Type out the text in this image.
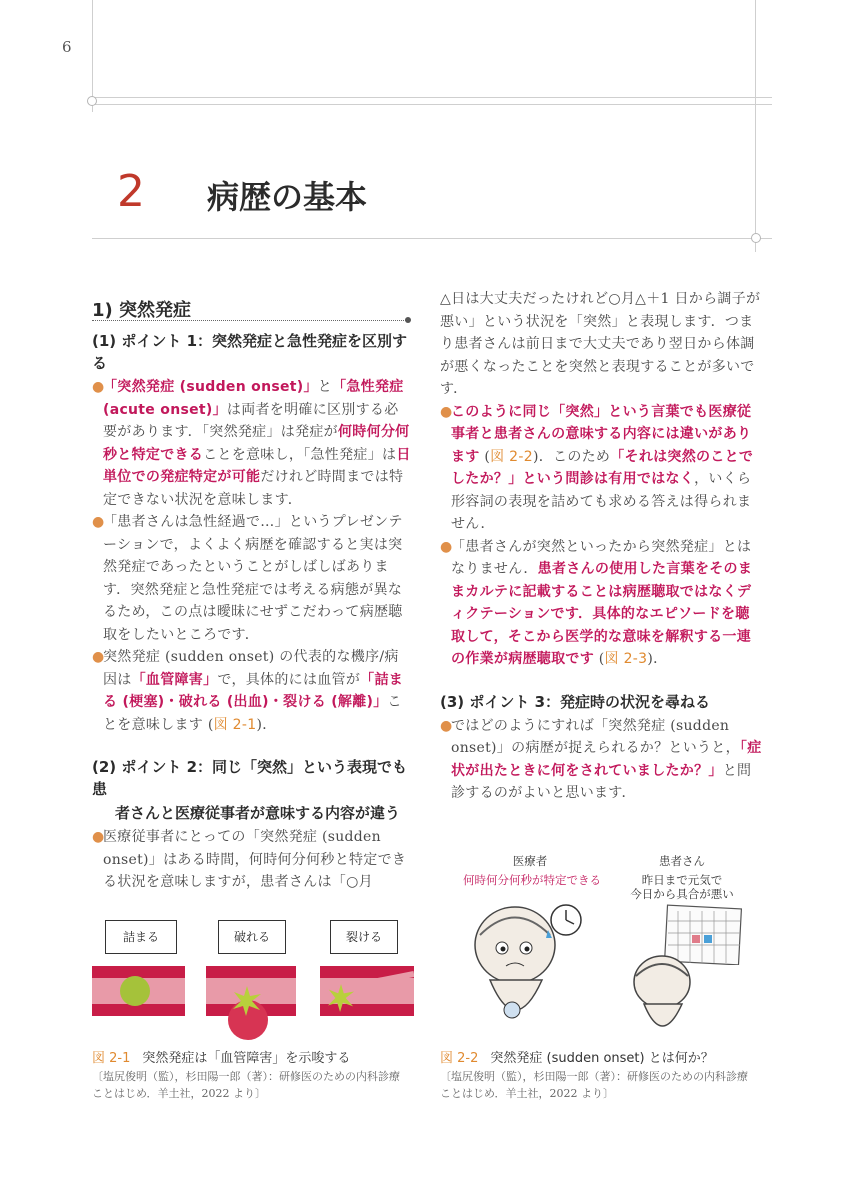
6
2 病歴の基本
1) 突然発症
(1) ポイント 1：突然発症と急性発症を区別する

●
「突然発症 (sudden onset)」と「急性発症 (acute onset)」は両者を明確に区別する必要があります．「突然発症」は発症が何時何分何秒と特定できることを意味し，「急性発症」は日単位での発症特定が可能だけれど時間までは特定できない状況を意味します．

●
「患者さんは急性経過で…」というプレゼンテーションで，よくよく病歴を確認すると実は突然発症であったということがしばしばあります．突然発症と急性発症では考える病態が異なるため，この点は曖昧にせずこだわって病歴聴取をしたいところです．

●
突然発症 (sudden onset) の代表的な機序/病因は「血管障害」で，具体的には血管が「詰まる (梗塞)・破れる (出血)・裂ける (解離)」ことを意味します (図 2-1)．

(2) ポイント 2：同じ「突然」という表現でも患
者さんと医療従事者が意味する内容が違う

●
医療従事者にとっての「突然発症 (sudden onset)」はある時間，何時何分何秒と特定できる状況を意味しますが，患者さんは「○月

△日は大丈夫だったけれど○月△＋1 日から調子が悪い」という状況を「突然」と表現します．つまり患者さんは前日まで大丈夫であり翌日から体調が悪くなったことを突然と表現することが多いです．

●
このように同じ「突然」という言葉でも医療従事者と患者さんの意味する内容には違いがあります (図 2-2)．このため「それは突然のことでしたか？」という問診は有用ではなく，いくら形容詞の表現を詰めても求める答えは得られません．

●
「患者さんが突然といったから突然発症」とはなりません．患者さんの使用した言葉をそのままカルテに記載することは病歴聴取ではなくディクテーションです．具体的なエピソードを聴取して，そこから医学的な意味を解釈する一連の作業が病歴聴取です (図 2-3)．

(3) ポイント 3：発症時の状況を尋ねる

●
ではどのようにすれば「突然発症 (sudden onset)」の病歴が捉えられるか？というと，「症状が出たときに何をされていましたか？」と問診するのがよいと思います．

詰まる	破れる	裂ける
図 2-1 突然発症は「血管障害」を示唆する
〔塩尻俊明（監），杉田陽一郎（著）：研修医のための内科診療
ことはじめ．羊土社，2022 より〕
医療者
何時何分何秒が特定できる
患者さん
昨日まで元気で
今日から具合が悪い
図 2-2 突然発症 (sudden onset) とは何か？
〔塩尻俊明（監），杉田陽一郎（著）：研修医のための内科診療
ことはじめ．羊土社，2022 より〕
